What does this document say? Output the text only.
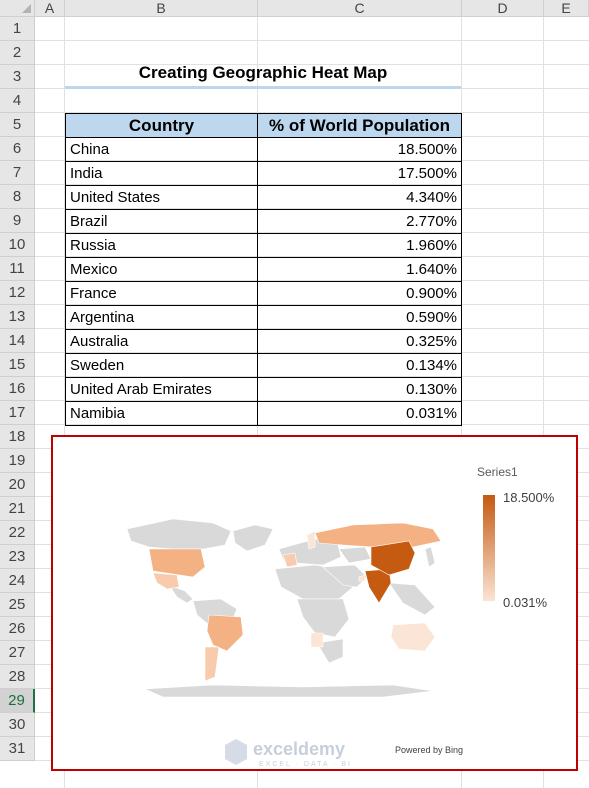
A	B	C	D	E
1
2
3
4
5
6
7
8
9
10
11
12
13
14
15
16
17
18
19
20
21
22
23
24
25
26
27
28
29
30
31
Creating Geographic Heat Map
Country	% of World Population
China	18.500%
India	17.500%
United States	4.340%
Brazil	2.770%
Russia	1.960%
Mexico	1.640%
France	0.900%
Argentina	0.590%
Australia	0.325%
Sweden	0.134%
United Arab Emirates	0.130%
Namibia	0.031%
Series1
18.500%
0.031%
Powered by Bing
exceldemy
EXCEL · DATA · BI
